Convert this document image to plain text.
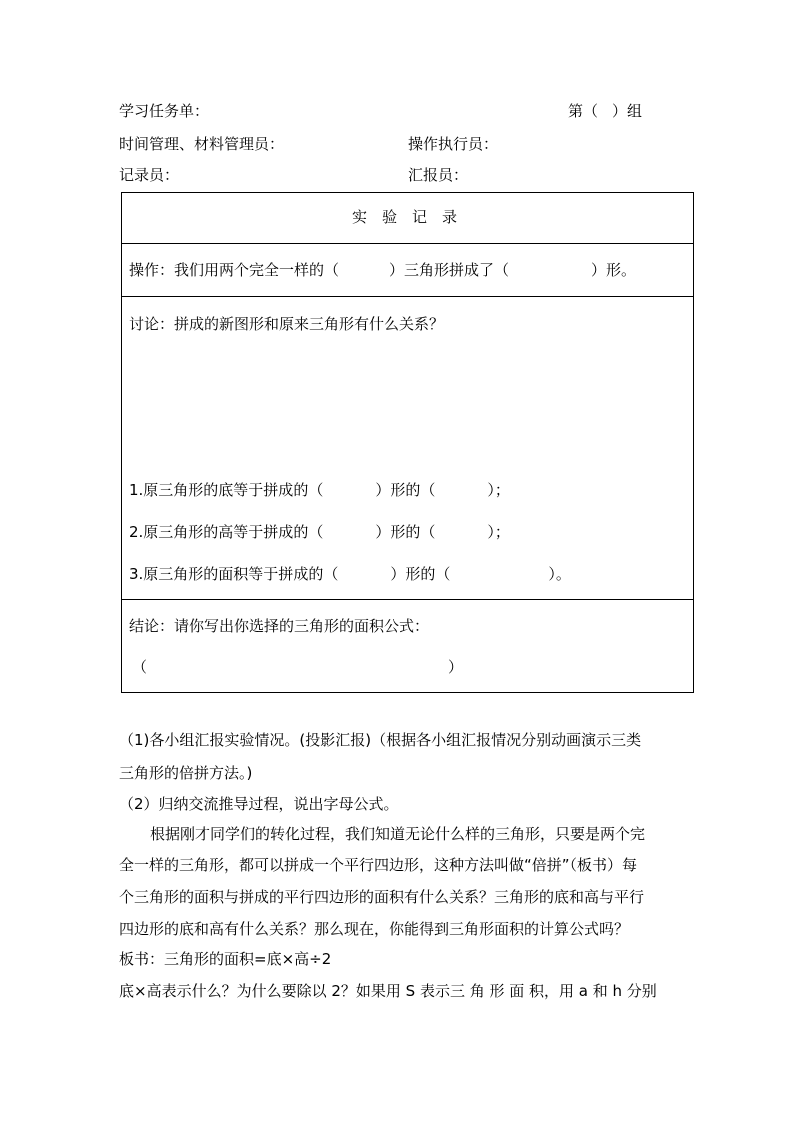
学习任务单：	第（ ）组
时间管理、材料管理员：	操作执行员：
记录员：	汇报员：
实　验　记　录
操作：我们用两个完全一样的（	）三角形拼成了（	）形。
讨论：拼成的新图形和原来三角形有什么关系？
1.原三角形的底等于拼成的（	）形的（	）；
2.原三角形的高等于拼成的（	）形的（	）；
3.原三角形的面积等于拼成的（	）形的（	）。
结论：请你写出你选择的三角形的面积公式：
（	）
（1)各小组汇报实验情况。(投影汇报)（根据各小组汇报情况分别动画演示三类
三角形的倍拼方法。)
（2）归纳交流推导过程，说出字母公式。
根据刚才同学们的转化过程，我们知道无论什么样的三角形，只要是两个完
全一样的三角形，都可以拼成一个平行四边形，这种方法叫做“倍拼”（板书）每
个三角形的面积与拼成的平行四边形的面积有什么关系？三角形的底和高与平行
四边形的底和高有什么关系？那么现在，你能得到三角形面积的计算公式吗？
板书：三角形的面积=底×高÷2
底×高表示什么？为什么要除以 2？如果用 S 表示三 角 形 面 积，用 a 和 h 分别
